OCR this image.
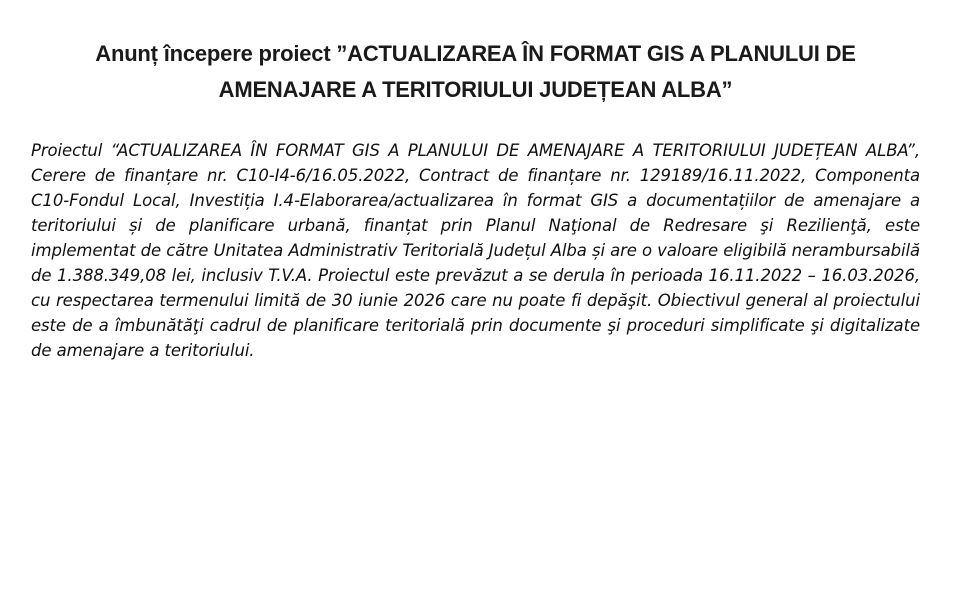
Anunț începere proiect ”ACTUALIZAREA ÎN FORMAT GIS A PLANULUI DE AMENAJARE A TERITORIULUI JUDEȚEAN ALBA”

Proiectul “ACTUALIZAREA ÎN FORMAT GIS A PLANULUI DE AMENAJARE A TERITORIULUI JUDEȚEAN ALBA”, Cerere de finanțare nr. C10-I4-6/16.05.2022, Contract de finanțare nr. 129189/16.11.2022, Componenta C10-Fondul Local, Investiția I.4-Elaborarea/actualizarea în format GIS a documentațiilor de amenajare a teritoriului și de planificare urbană, finanțat prin Planul Naţional de Redresare şi Rezilienţă, este implementat de către Unitatea Administrativ Teritorială Județul Alba și are o valoare eligibilă nerambursabilă de 1.388.349,08 lei, inclusiv T.V.A. Proiectul este prevăzut a se derula în perioada 16.11.2022 – 16.03.2026, cu respectarea termenului limită de 30 iunie 2026 care nu poate fi depăşit. Obiectivul general al proiectului este de a îmbunătăţi cadrul de planificare teritorială prin documente şi proceduri simplificate şi digitalizate de amenajare a teritoriului.
